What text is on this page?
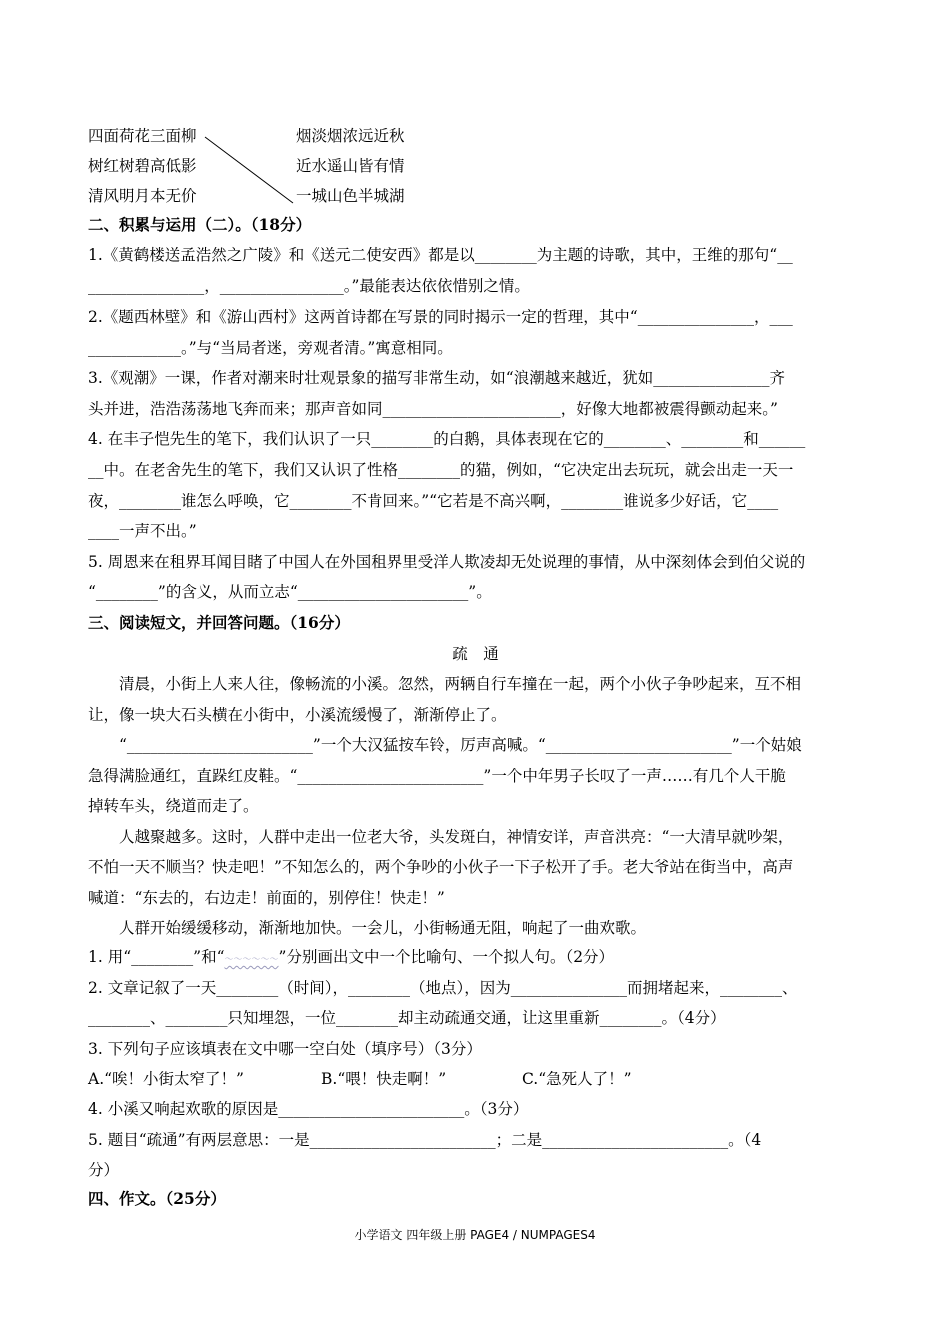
四面荷花三面柳
树红树碧高低影
清风明月本无价
烟淡烟浓远近秋
近水遥山皆有情
一城山色半城湖
二、积累与运用（二）。（18分）
1.《黄鹤楼送孟浩然之广陵》和《送元二使安西》都是以________为主题的诗歌，其中，王维的那句“__
_______________，________________。”最能表达依依惜别之情。
2.《题西林壁》和《游山西村》这两首诗都在写景的同时揭示一定的哲理，其中“_______________，___
____________。”与“当局者迷，旁观者清。”寓意相同。
3.《观潮》一课，作者对潮来时壮观景象的描写非常生动，如“浪潮越来越近，犹如_______________齐
头并进，浩浩荡荡地飞奔而来；那声音如同_______________________，好像大地都被震得颤动起来。”
4. 在丰子恺先生的笔下，我们认识了一只________的白鹅，具体表现在它的________、________和______
__中。在老舍先生的笔下，我们又认识了性格________的猫，例如，“它决定出去玩玩，就会出走一天一
夜，________谁怎么呼唤，它________不肯回来。”“它若是不高兴啊，________谁说多少好话，它____
____一声不出。”
5. 周恩来在租界耳闻目睹了中国人在外国租界里受洋人欺凌却无处说理的事情，从中深刻体会到伯父说的
“________”的含义，从而立志“______________________”。
三、阅读短文，并回答问题。（16分）
疏　通
　　清晨，小街上人来人往，像畅流的小溪。忽然，两辆自行车撞在一起，两个小伙子争吵起来，互不相
让，像一块大石头横在小街中，小溪流缓慢了，渐渐停止了。
　　“________________________”一个大汉猛按车铃，厉声高喊。“________________________”一个姑娘
急得满脸通红，直跺红皮鞋。“________________________”一个中年男子长叹了一声……有几个人干脆
掉转车头，绕道而走了。
　　人越聚越多。这时，人群中走出一位老大爷，头发斑白，神情安详，声音洪亮：“一大清早就吵架，
不怕一天不顺当？快走吧！”不知怎么的，两个争吵的小伙子一下子松开了手。老大爷站在街当中，高声
喊道：“东去的，右边走！前面的，别停住！快走！”
　　人群开始缓缓移动，渐渐地加快。一会儿，小街畅通无阻，响起了一曲欢歌。
1. 用“________”和“～～～～～～”分别画出文中一个比喻句、一个拟人句。（2分）
2. 文章记叙了一天________（时间），________（地点），因为_______________而拥堵起来，________、
________、________只知埋怨，一位________却主动疏通交通，让这里重新________。（4分）
3. 下列句子应该填表在文中哪一空白处（填序号）（3分）
A.“唉！小街太窄了！”	B.“喂！快走啊！”	C.“急死人了！”
4. 小溪又响起欢歌的原因是________________________。（3分）
5. 题目“疏通”有两层意思：一是________________________；二是________________________。（4
分）
四、作文。（25分）
小学语文 四年级上册 PAGE4 / NUMPAGES4
